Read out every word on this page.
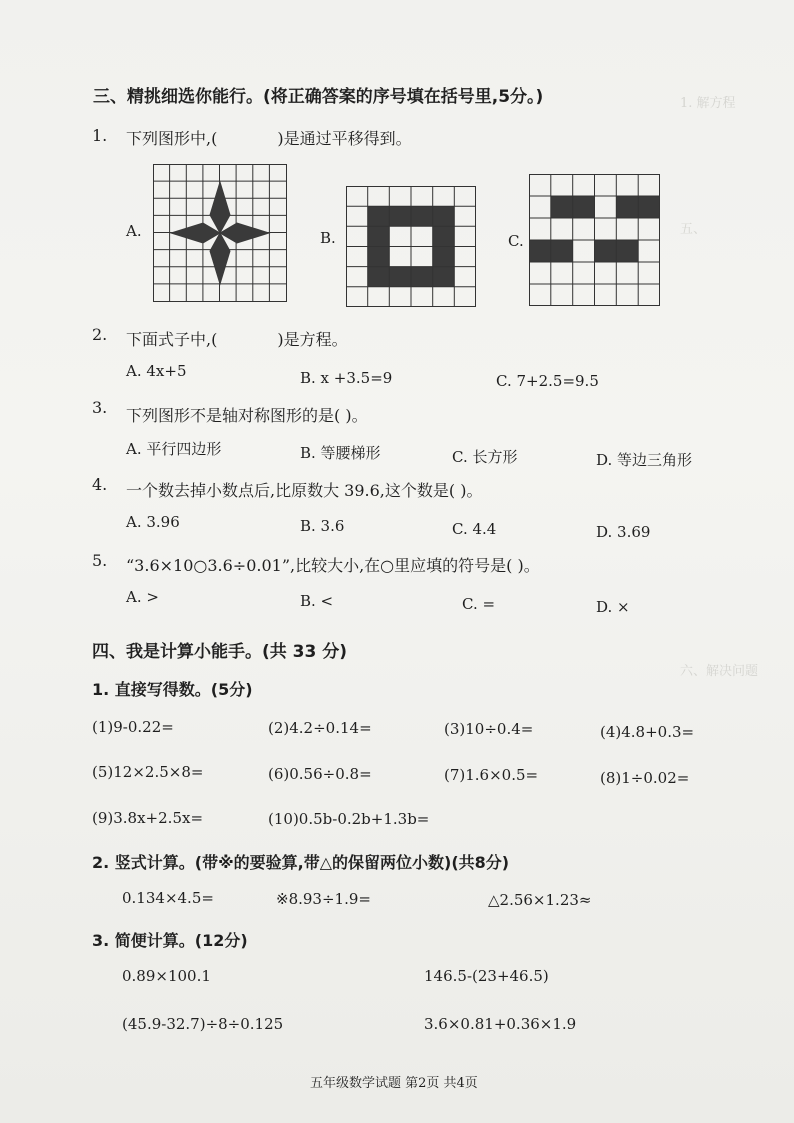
1. 解方程
五、
六、解决问题
三、精挑细选你能行。(将正确答案的序号填在括号里,5分。)
1. 下列图形中,(	)是通过平移得到。
A.	B.	C.
2. 下面式子中,(	)是方程。
A. 4x+5	B. x +3.5=9	C. 7+2.5=9.5
3. 下列图形不是轴对称图形的是( )。
A. 平行四边形	B. 等腰梯形	C. 长方形	D. 等边三角形
4. 一个数去掉小数点后,比原数大 39.6,这个数是( )。
A. 3.96	B. 3.6	C. 4.4	D. 3.69
5. “3.6×10○3.6÷0.01”,比较大小,在○里应填的符号是( )。
A. >	B. <	C. =	D. ×
四、我是计算小能手。(共 33 分)
1. 直接写得数。(5分)
(1)9-0.22=	(2)4.2÷0.14=	(3)10÷0.4=	(4)4.8+0.3=
(5)12×2.5×8=	(6)0.56÷0.8=	(7)1.6×0.5=	(8)1÷0.02=
(9)3.8x+2.5x=	(10)0.5b-0.2b+1.3b=
2. 竖式计算。(带※的要验算,带△的保留两位小数)(共8分)
0.134×4.5=	※8.93÷1.9=	△2.56×1.23≈
3. 简便计算。(12分)
0.89×100.1	146.5-(23+46.5)
(45.9-32.7)÷8÷0.125	3.6×0.81+0.36×1.9
五年级数学试题 第2页 共4页
